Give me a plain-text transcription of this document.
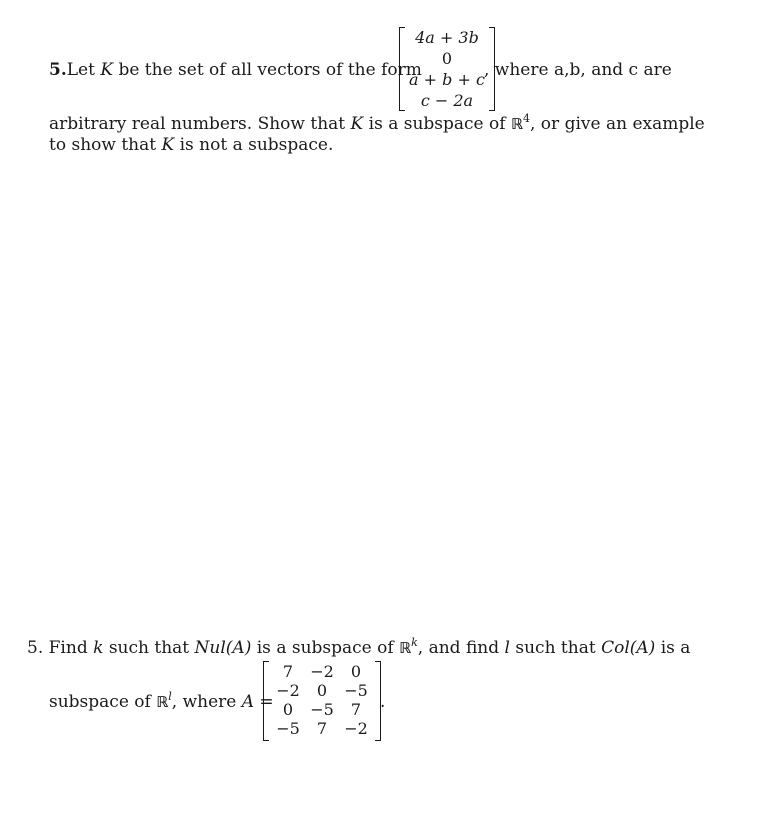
5.Let K be the set of all vectors of the form
4a + 3b
0
a + b + c
c − 2a
, where a,b, and c are
arbitrary real numbers. Show that K is a subspace of ℝ$^4$, or give an example
to show that K is not a subspace.
5. Find k such that Nul(A) is a subspace of ℝ$^k$, and find l such that Col(A) is a
subspace of ℝ$^l$, where A =
7	−2	0
−2	0	−5
0	−5	7
−5	7	−2
.
